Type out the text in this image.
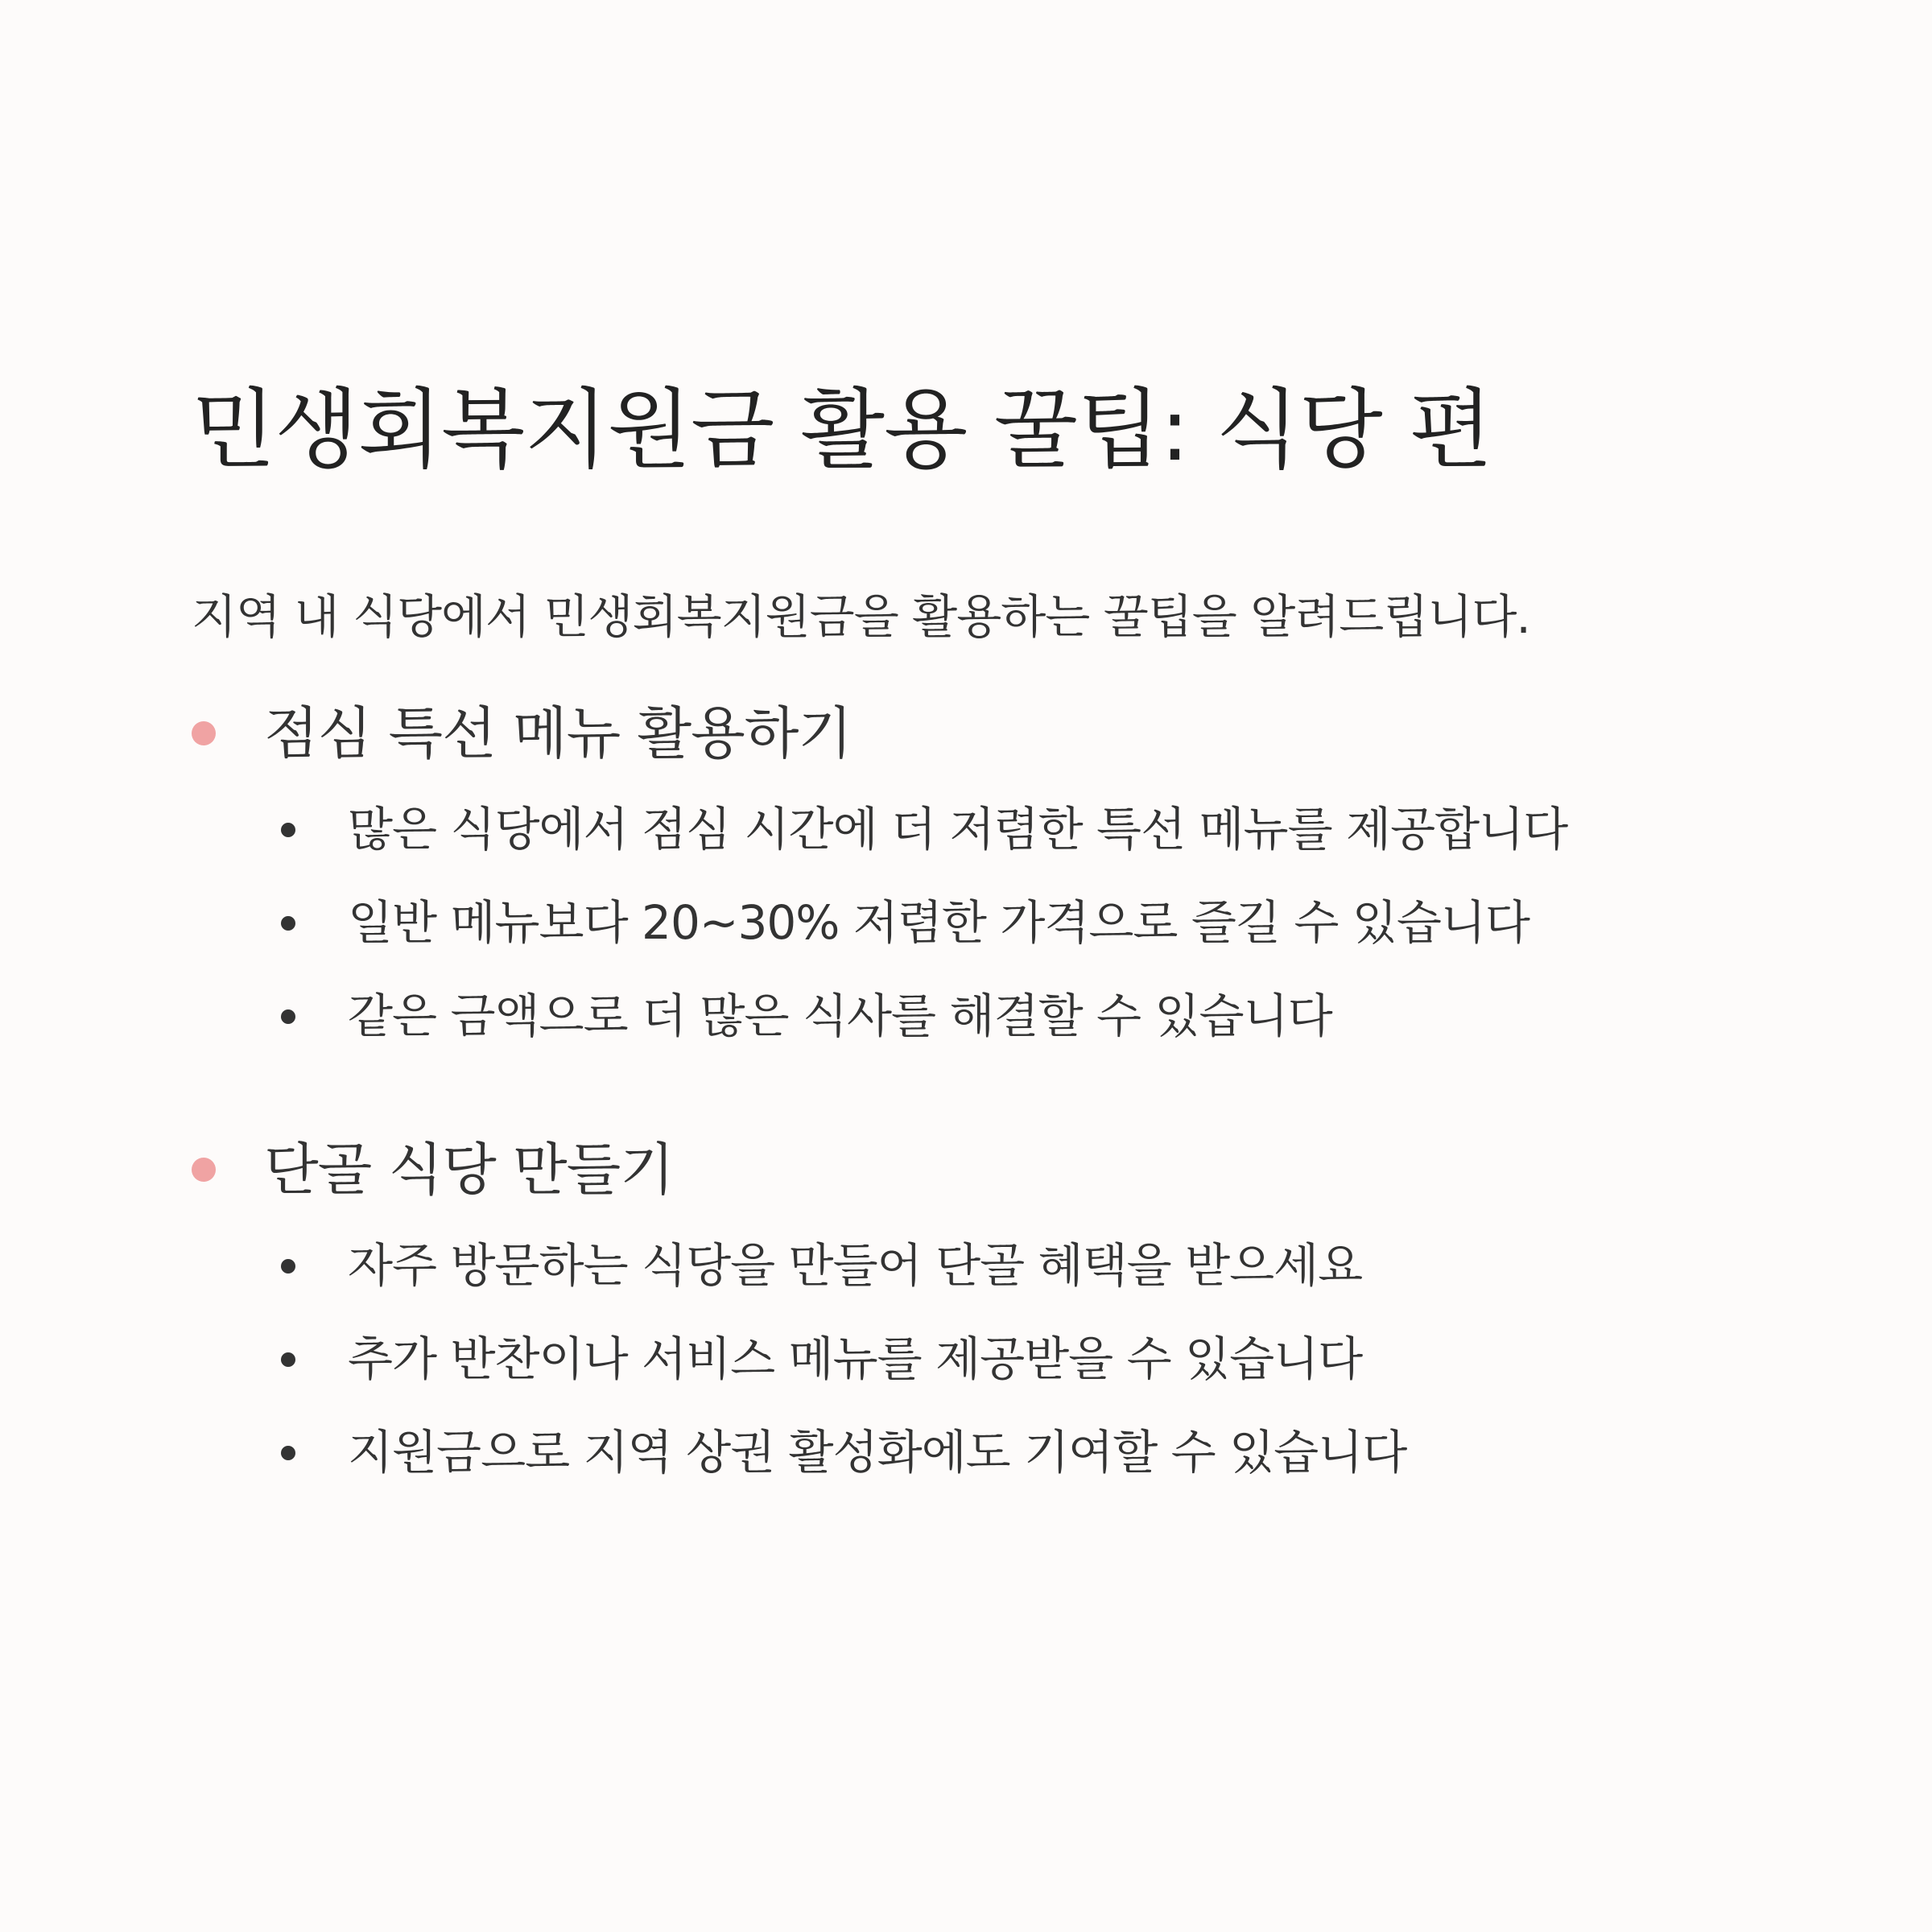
민생회복지원금 활용 꿀팁: 식당 편
지역 내 식당에서 민생회복지원금을 활용하는 꿀팁을 알려드립니다.
점심 특선 메뉴 활용하기
많은 식당에서 점심 시간에 더 저렴한 특선 메뉴를 제공합니다
일반 메뉴보다 20~30% 저렴한 가격으로 즐길 수 있습니다
같은 금액으로 더 많은 식사를 해결할 수 있습니다
단골 식당 만들기
자주 방문하는 식당을 만들어 단골 혜택을 받으세요
추가 반찬이나 서비스 메뉴를 제공받을 수 있습니다
지원금으로 지역 상권 활성화에도 기여할 수 있습니다
